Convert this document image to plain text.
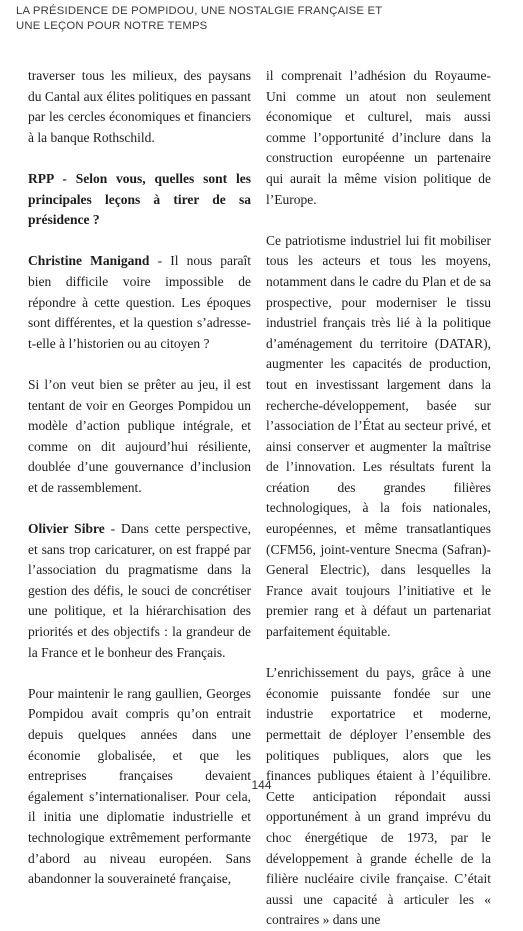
LA PRÉSIDENCE DE POMPIDOU, UNE NOSTALGIE FRANÇAISE ET
UNE LEÇON POUR NOTRE TEMPS

traverser tous les milieux, des paysans du Cantal aux élites politiques en passant par les cercles économiques et financiers à la banque Rothschild.

RPP - Selon vous, quelles sont les principales leçons à tirer de sa présidence ?

Christine Manigand - Il nous paraît bien difficile voire impossible de répondre à cette question. Les époques sont différentes, et la question s’adresse-t-elle à l’historien ou au citoyen ?

Si l’on veut bien se prêter au jeu, il est tentant de voir en Georges Pompidou un modèle d’action publique intégrale, et comme on dit aujourd’hui résiliente, doublée d’une gouvernance d’inclusion et de rassemblement.

Olivier Sibre - Dans cette perspective, et sans trop caricaturer, on est frappé par l’association du pragmatisme dans la gestion des défis, le souci de concrétiser une politique, et la hiérarchisation des priorités et des objectifs : la grandeur de la France et le bonheur des Français.

Pour maintenir le rang gaullien, Georges Pompidou avait compris qu’on entrait depuis quelques années dans une économie globalisée, et que les entreprises françaises devaient également s’internationaliser. Pour cela, il initia une diplomatie industrielle et technologique extrêmement performante d’abord au niveau européen. Sans abandonner la souveraineté française,

il comprenait l’adhésion du Royaume-Uni comme un atout non seulement économique et culturel, mais aussi comme l’opportunité d’inclure dans la construction européenne un partenaire qui aurait la même vision politique de l’Europe.

Ce patriotisme industriel lui fit mobiliser tous les acteurs et tous les moyens, notamment dans le cadre du Plan et de sa prospective, pour moderniser le tissu industriel français très lié à la politique d’aménagement du territoire (DATAR), augmenter les capacités de production, tout en investissant largement dans la recherche-développement, basée sur l’association de l’État au secteur privé, et ainsi conserver et augmenter la maîtrise de l’innovation. Les résultats furent la création des grandes filières technologiques, à la fois nationales, européennes, et même transatlantiques (CFM56, joint-venture Snecma (Safran)-General Electric), dans lesquelles la France avait toujours l’initiative et le premier rang et à défaut un partenariat parfaitement équitable.

L’enrichissement du pays, grâce à une économie puissante fondée sur une industrie exportatrice et moderne, permettait de déployer l’ensemble des politiques publiques, alors que les finances publiques étaient à l’équilibre. Cette anticipation répondait aussi opportunément à un grand imprévu du choc énergétique de 1973, par le développement à grande échelle de la filière nucléaire civile française. C’était aussi une capacité à articuler les « contraires » dans une

144
